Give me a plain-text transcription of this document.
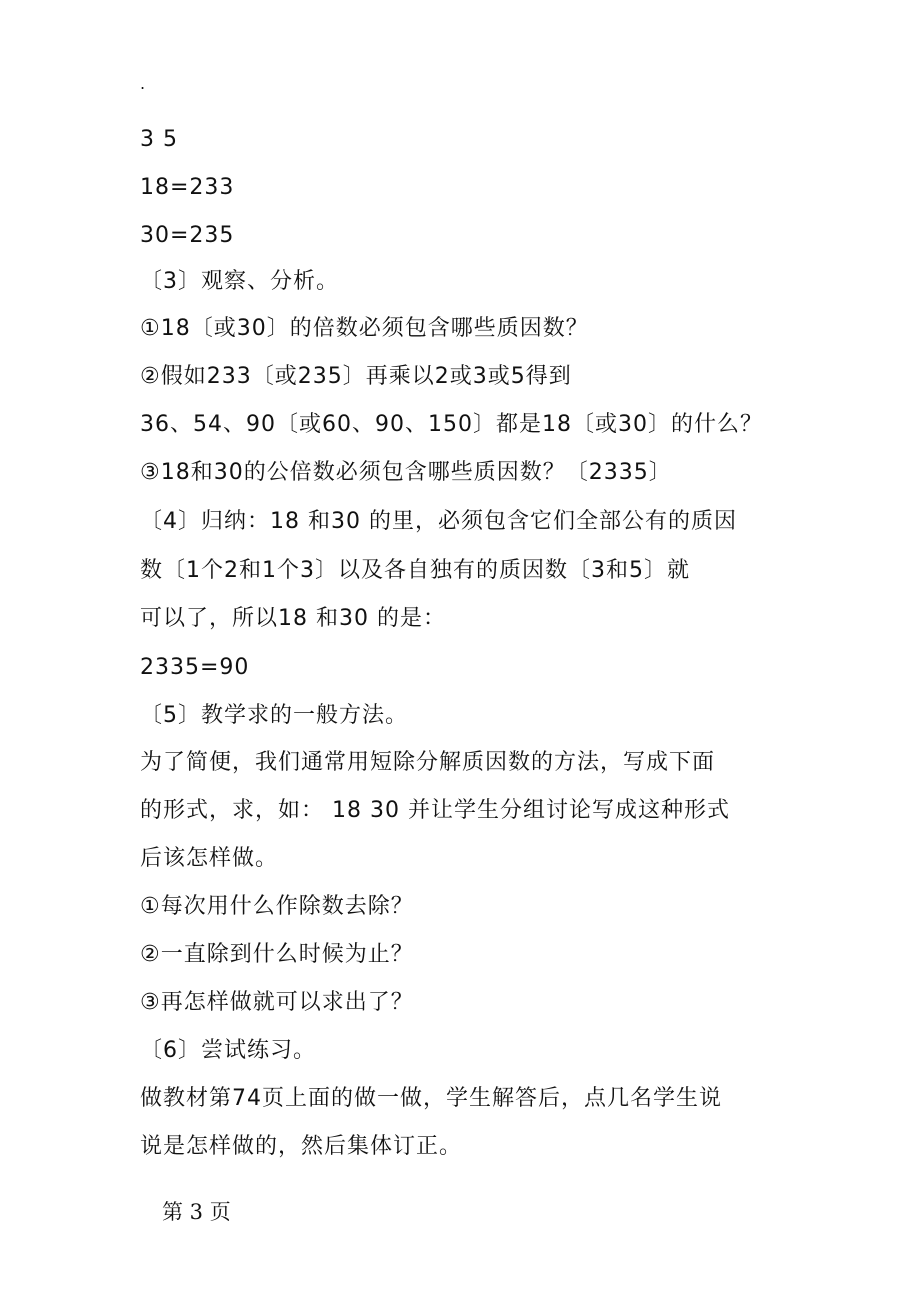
.
3 5
18=233
30=235
〔3〕观察、分析。
①18〔或30〕的倍数必须包含哪些质因数？
②假如233〔或235〕再乘以2或3或5得到
36、54、90〔或60、90、150〕都是18〔或30〕的什么？
③18和30的公倍数必须包含哪些质因数？〔2335〕
〔4〕归纳：18 和30 的里，必须包含它们全部公有的质因
数〔1个2和1个3〕以及各自独有的质因数〔3和5〕就
可以了，所以18 和30 的是：
2335=90
〔5〕教学求的一般方法。
为了简便，我们通常用短除分解质因数的方法，写成下面
的形式，求，如： 18 30 并让学生分组讨论写成这种形式
后该怎样做。
①每次用什么作除数去除？
②一直除到什么时候为止？
③再怎样做就可以求出了？
〔6〕尝试练习。
做教材第74页上面的做一做，学生解答后，点几名学生说
说是怎样做的，然后集体订正。
第 3 页
